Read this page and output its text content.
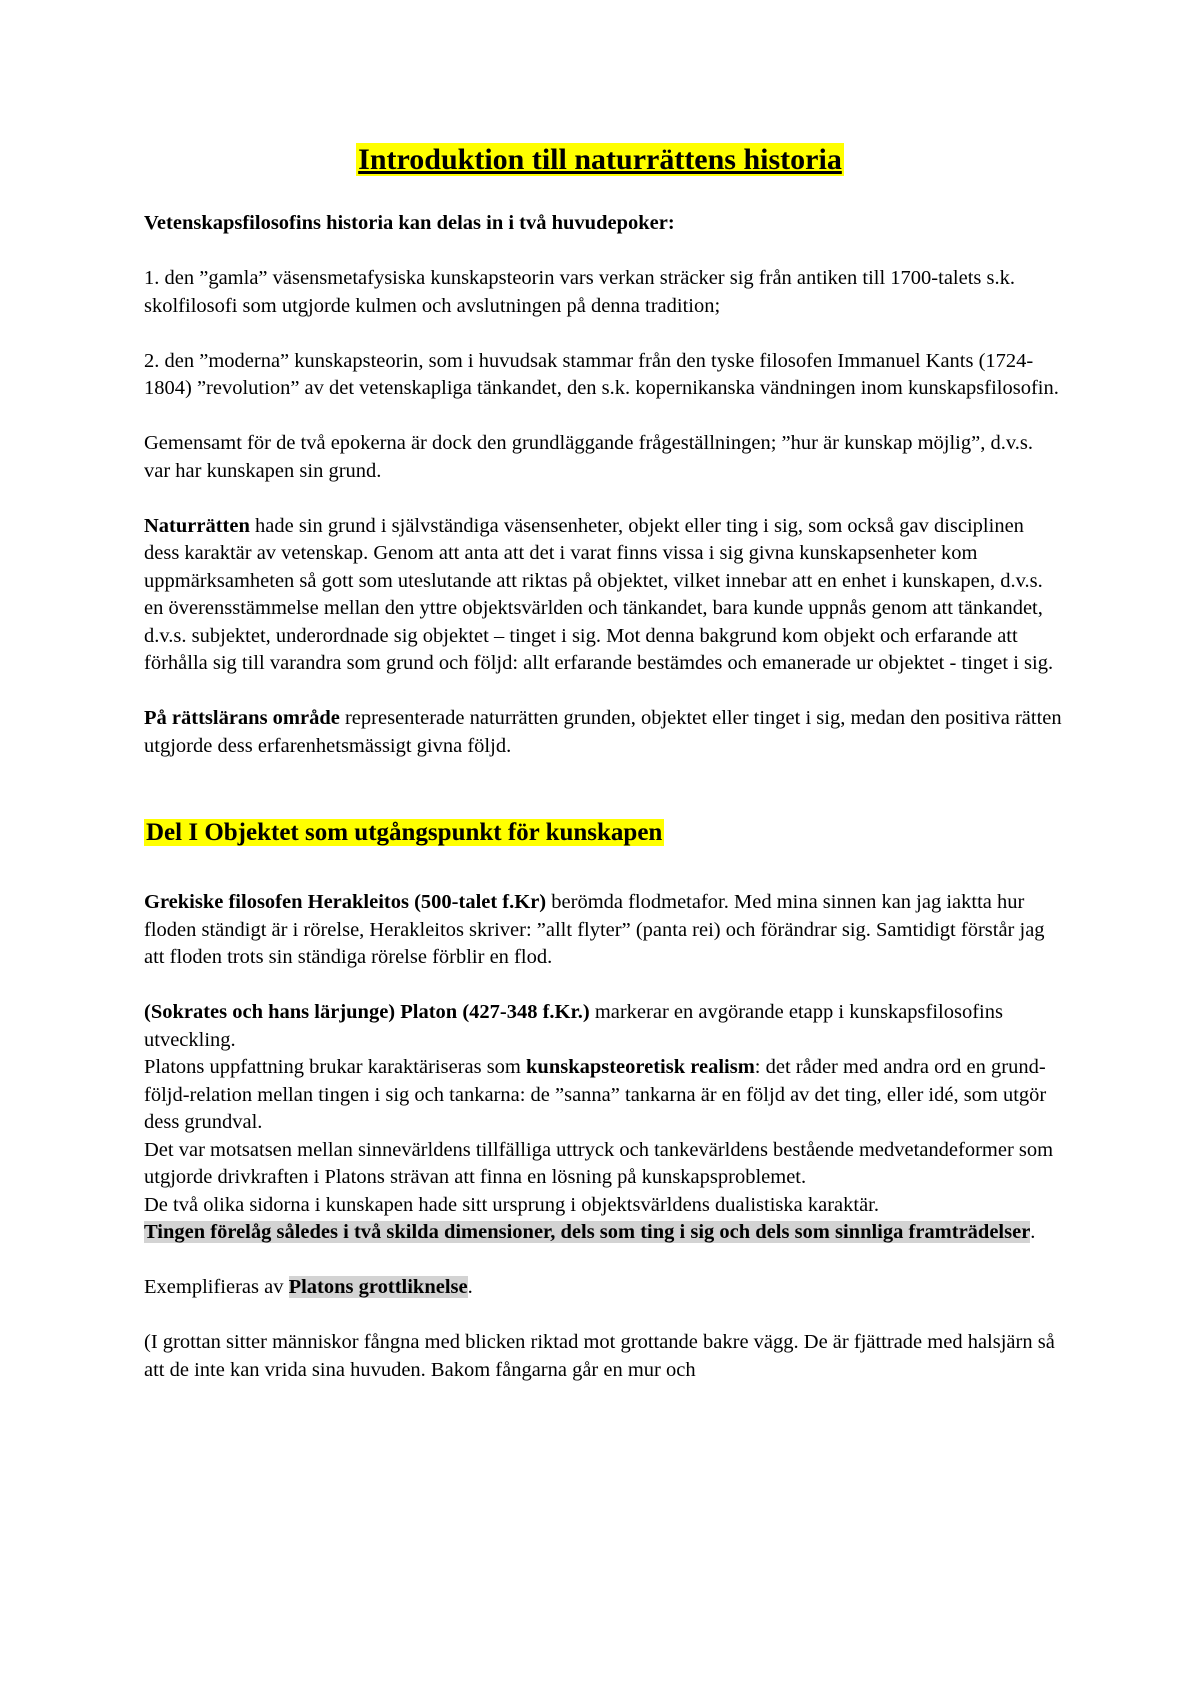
Introduktion till naturrättens historia

Vetenskapsfilosofins historia kan delas in i två huvudepoker:

1. den ”gamla” väsensmetafysiska kunskapsteorin vars verkan sträcker sig från antiken till 1700-talets s.k. skolfilosofi som utgjorde kulmen och avslutningen på denna tradition;

2. den ”moderna” kunskapsteorin, som i huvudsak stammar från den tyske filosofen Immanuel Kants (1724-1804) ”revolution” av det vetenskapliga tänkandet, den s.k. kopernikanska vändningen inom kunskapsfilosofin.

Gemensamt för de två epokerna är dock den grundläggande frågeställningen; ”hur är kunskap möjlig”, d.v.s. var har kunskapen sin grund.

Naturrätten hade sin grund i självständiga väsensenheter, objekt eller ting i sig, som också gav disciplinen dess karaktär av vetenskap. Genom att anta att det i varat finns vissa i sig givna kunskapsenheter kom uppmärksamheten så gott som uteslutande att riktas på objektet, vilket innebar att en enhet i kunskapen, d.v.s. en överensstämmelse mellan den yttre objektsvärlden och tänkandet, bara kunde uppnås genom att tänkandet, d.v.s. subjektet, underordnade sig objektet – tinget i sig. Mot denna bakgrund kom objekt och erfarande att förhålla sig till varandra som grund och följd: allt erfarande bestämdes och emanerade ur objektet - tinget i sig.

På rättslärans område representerade naturrätten grunden, objektet eller tinget i sig, medan den positiva rätten utgjorde dess erfarenhetsmässigt givna följd.

Del I Objektet som utgångspunkt för kunskapen

Grekiske filosofen Herakleitos (500-talet f.Kr) berömda flodmetafor. Med mina sinnen kan jag iakttа hur floden ständigt är i rörelse, Herakleitos skriver: ”allt flyter” (panta rei) och förändrar sig. Samtidigt förstår jag att floden trots sin ständiga rörelse förblir en flod.

(Sokrates och hans lärjunge) Platon (427-348 f.Kr.) markerar en avgörande etapp i kunskapsfilosofins utveckling.

Platons uppfattning brukar karaktäriseras som kunskapsteoretisk realism: det råder med andra ord en grund-följd-relation mellan tingen i sig och tankarna: de ”sanna” tankarna är en följd av det ting, eller idé, som utgör dess grundval.

Det var motsatsen mellan sinnevärldens tillfälliga uttryck och tankevärldens bestående medvetandeformer som utgjorde drivkraften i Platons strävan att finna en lösning på kunskapsproblemet.

De två olika sidorna i kunskapen hade sitt ursprung i objektsvärldens dualistiska karaktär.

Tingen förelåg således i två skilda dimensioner, dels som ting i sig och dels som sinnliga framträdelser.

Exemplifieras av Platons grottliknelse.

(I grottan sitter människor fångna med blicken riktad mot grottande bakre vägg. De är fjättrade med halsjärn så att de inte kan vrida sina huvuden. Bakom fångarna går en mur och
